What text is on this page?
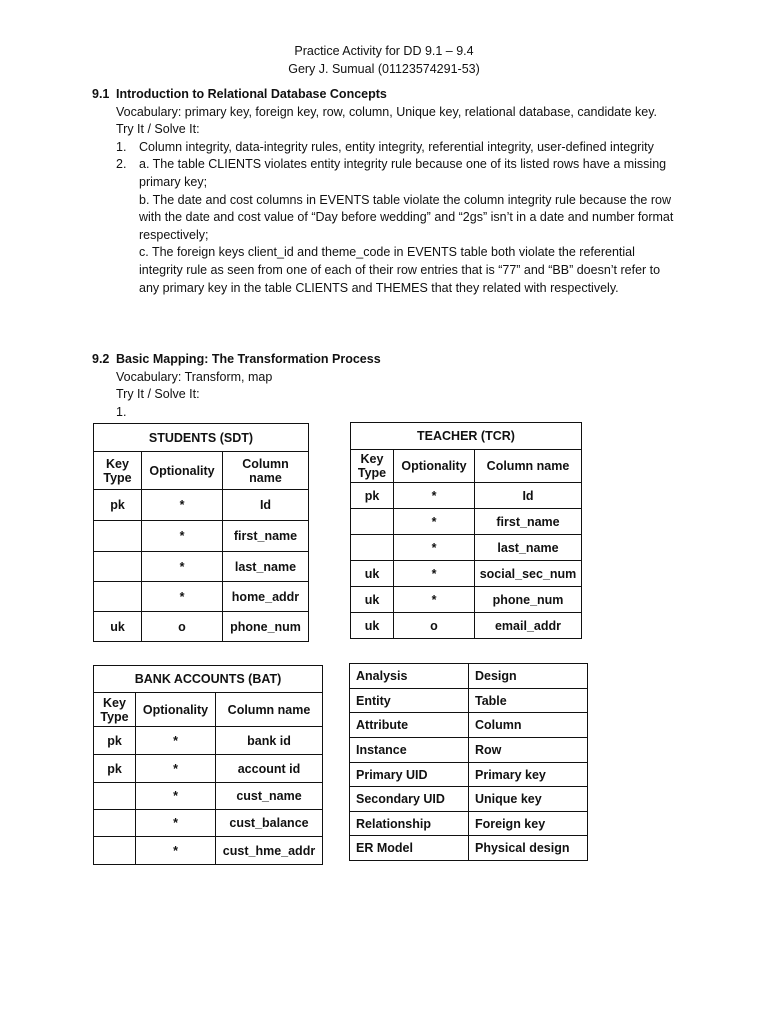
Practice Activity for DD 9.1 – 9.4
Gery J. Sumual (01123574291-53)
9.1 Introduction to Relational Database Concepts
Vocabulary: primary key, foreign key, row, column, Unique key, relational database, candidate key.
Try It / Solve It:
1.	Column integrity, data-integrity rules, entity integrity, referential integrity, user-defined integrity
2.	a. The table CLIENTS violates entity integrity rule because one of its listed rows have a missing primary key;
b. The date and cost columns in EVENTS table violate the column integrity rule because the row with the date and cost value of “Day before wedding” and “2gs” isn’t in a date and number format respectively;
c. The foreign keys client_id and theme_code in EVENTS table both violate the referential integrity rule as seen from one of each of their row entries that is “77” and “BB” doesn’t refer to any primary key in the table CLIENTS and THEMES that they related with respectively.
9.2 Basic Mapping: The Transformation Process
Vocabulary: Transform, map
Try It / Solve It:
1.
STUDENTS (SDT)		
Key Type	Optionality	Column name
pk	*	Id
	*	first_name
	*	last_name
	*	home_addr
uk	o	phone_num
TEACHER (TCR)		
Key Type	Optionality	Column name
pk	*	Id
	*	first_name
	*	last_name
uk	*	social_sec_num
uk	*	phone_num
uk	o	email_addr
BANK ACCOUNTS (BAT)		
Key Type	Optionality	Column name
pk	*	bank id
pk	*	account id
	*	cust_name
	*	cust_balance
	*	cust_hme_addr
Analysis	Design
Entity	Table
Attribute	Column
Instance	Row
Primary UID	Primary key
Secondary UID	Unique key
Relationship	Foreign key
ER Model	Physical design
